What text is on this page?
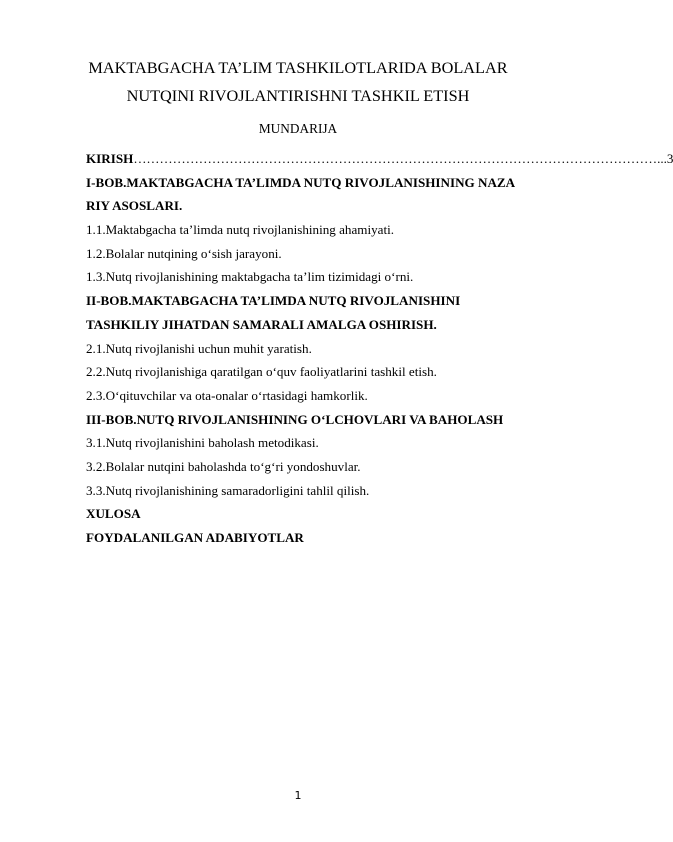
MAKTABGACHA TA’LIM TASHKILOTLARIDA BOLALAR
NUTQINI RIVOJLANTIRISHNI TASHKIL ETISH
MUNDARIJA
KIRISH ………………………………………………………………………………………………………… ...3
I-BOB.MAKTABGACHA TA’LIMDA NUTQ RIVOJLANISHINING NAZA
RIY ASOSLARI.
1.1.Maktabgacha ta’limda nutq rivojlanishining ahamiyati.
1.2.Bolalar nutqining oʻsish jarayoni.
1.3.Nutq rivojlanishining maktabgacha ta’lim tizimidagi oʻrni.
II-BOB.MAKTABGACHA TA’LIMDA NUTQ RIVOJLANISHINI
TASHKILIY JIHATDAN SAMARALI AMALGA OSHIRISH.
2.1.Nutq rivojlanishi uchun muhit yaratish.
2.2.Nutq rivojlanishiga qaratilgan oʻquv faoliyatlarini tashkil etish.
2.3.Oʻqituvchilar va ota-onalar oʻrtasidagi hamkorlik.
III-BOB.NUTQ RIVOJLANISHINING OʻLCHOVLARI VA BAHOLASH
3.1.Nutq rivojlanishini baholash metodikasi.
3.2.Bolalar nutqini baholashda toʻgʻri yondoshuvlar.
3.3.Nutq rivojlanishining samaradorligini tahlil qilish.
XULOSA
FOYDALANILGAN ADABIYOTLAR
1
